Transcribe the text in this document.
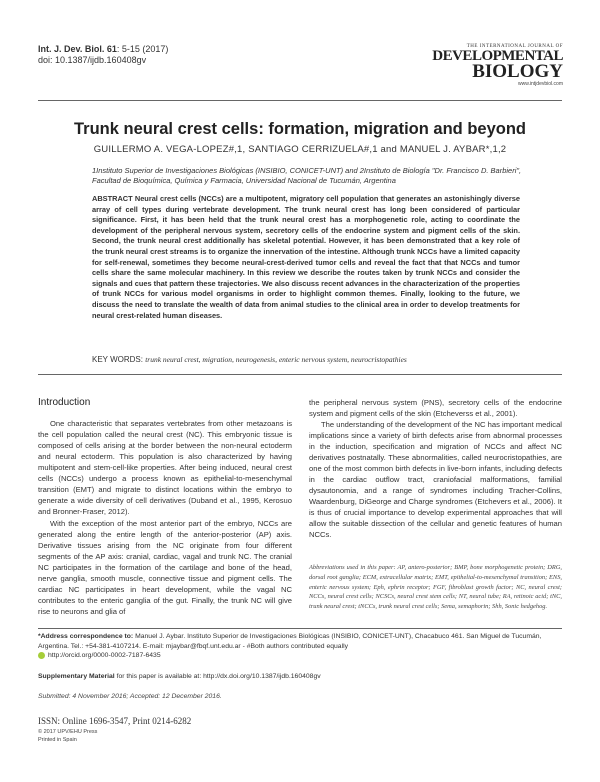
Int. J. Dev. Biol. 61: 5-15 (2017)
doi: 10.1387/ijdb.160408gv
THE INTERNATIONAL JOURNAL OF
DEVELOPMENTAL
BIOLOGY
www.intjdevbiol.com
Trunk neural crest cells: formation, migration and beyond
GUILLERMO A. VEGA-LOPEZ#,1, SANTIAGO CERRIZUELA#,1 and MANUEL J. AYBAR*,1,2
1Instituto Superior de Investigaciones Biológicas (INSIBIO, CONICET-UNT) and 2Instituto de Biología "Dr. Francisco D. Barbieri", Facultad de Bioquímica, Química y Farmacia, Universidad Nacional de Tucumán, Argentina
ABSTRACT Neural crest cells (NCCs) are a multipotent, migratory cell population that generates an astonishingly diverse array of cell types during vertebrate development. The trunk neural crest has long been considered of particular significance. First, it has been held that the trunk neural crest has a morphogenetic role, acting to coordinate the development of the peripheral nervous system, secretory cells of the endocrine system and pigment cells of the skin. Second, the trunk neural crest additionally has skeletal potential. However, it has been demonstrated that a key role of the trunk neural crest streams is to organize the innervation of the intestine. Although trunk NCCs have a limited capacity for self-renewal, sometimes they become neural-crest-derived tumor cells and reveal the fact that that NCCs and tumor cells share the same molecular machinery. In this review we describe the routes taken by trunk NCCs and consider the signals and cues that pattern these trajectories. We also discuss recent advances in the characterization of the properties of trunk NCCs for various model organisms in order to highlight common themes. Finally, looking to the future, we discuss the need to translate the wealth of data from animal studies to the clinical area in order to develop treatments for neural crest-related human diseases.
KEY WORDS: trunk neural crest, migration, neurogenesis, enteric nervous system, neurocristopathies
Introduction

One characteristic that separates vertebrates from other metazoans is the cell population called the neural crest (NC). This embryonic tissue is composed of cells arising at the border between the non-neural ectoderm and neural ectoderm. This population is also characterized by having multipotent and stem-cell-like properties. After being induced, neural crest cells (NCCs) undergo a process known as epithelial-to-mesenchymal transition (EMT) and migrate to distinct locations within the embryo to generate a wide diversity of cell derivatives (Duband et al., 1995, Kerosuo and Bronner-Fraser, 2012).

With the exception of the most anterior part of the embryo, NCCs are generated along the entire length of the anterior-posterior (AP) axis. Derivative tissues arising from the NC originate from four different segments of the AP axis: cranial, cardiac, vagal and trunk NC. The cranial NC participates in the formation of the cartilage and bone of the head, nerve ganglia, smooth muscle, connective tissue and pigment cells. The cardiac NC participates in heart development, while the vagal NC contributes to the enteric ganglia of the gut. Finally, the trunk NC will give rise to neurons and glia of

the peripheral nervous system (PNS), secretory cells of the endocrine system and pigment cells of the skin (Etcheverss et al., 2001).

The understanding of the development of the NC has important medical implications since a variety of birth defects arise from abnormal processes in the induction, specification and migration of NCCs and affect NC derivatives postnatally. These abnormalities, called neurocristopathies, are one of the most common birth defects in live-born infants, including defects in the cardiac outflow tract, craniofacial malformations, familial dysautonomia, and a range of syndromes including Tracher-Collins, Waardenburg, DiGeorge and Charge syndromes (Etchevers et al., 2006). It is thus of crucial importance to develop experimental approaches that will allow the suitable dissection of the cellular and genetic features of human NCCs.

Abbreviations used in this paper: AP, antero-posterior; BMP, bone morphogenetic protein; DRG, dorsal root ganglia; ECM, extracellular matrix; EMT, epithelial-to-mesenchymal transition; ENS, enteric nervous system; Eph, ephrin receptor; FGF, fibroblast growth factor; NC, neural crest; NCCs, neural crest cells; NCSCs, neural crest stem cells; NT, neural tube; RA, retinoic acid; tNC, trunk neural crest; tNCCs, trunk neural crest cells; Sema, semaphorin; Shh, Sonic hedgehog.
*Address correspondence to: Manuel J. Aybar. Instituto Superior de Investigaciones Biológicas (INSIBIO, CONICET-UNT), Chacabuco 461. San Miguel de Tucumán, Argentina. Tel.: +54-381-4107214. E-mail: mjaybar@fbqf.unt.edu.ar - #Both authors contributed equally
http://orcid.org/0000-0002-7187-6435
Supplementary Material for this paper is available at: http://dx.doi.org/10.1387/ijdb.160408gv
Submitted: 4 November 2016; Accepted: 12 December 2016.
ISSN: Online 1696-3547, Print 0214-6282
© 2017 UPV/EHU Press
Printed in Spain
